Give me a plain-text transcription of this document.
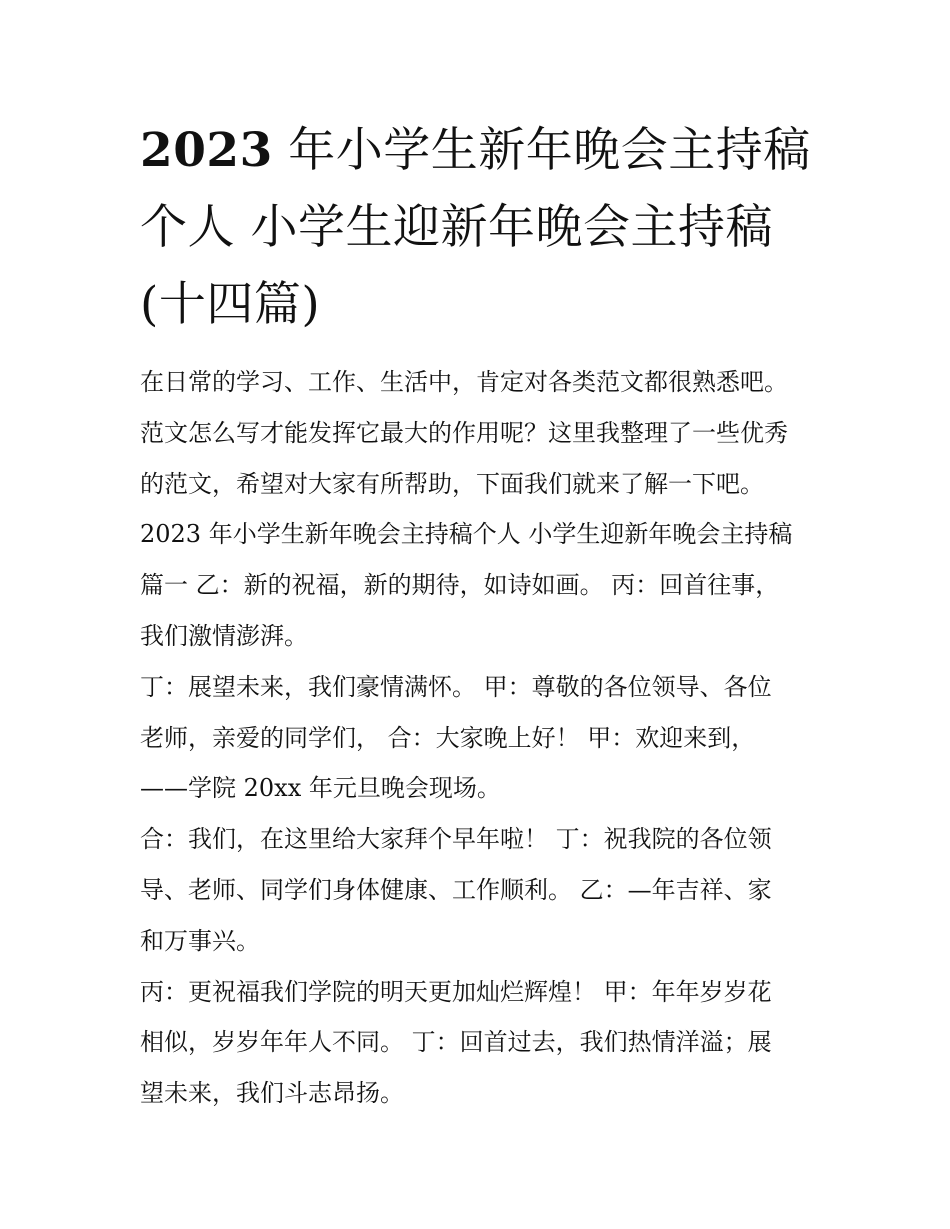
2023 年小学生新年晚会主持稿
个人 小学生迎新年晚会主持稿
(十四篇)
在日常的学习、工作、生活中，肯定对各类范文都很熟悉吧。
范文怎么写才能发挥它最大的作用呢？这里我整理了一些优秀
的范文，希望对大家有所帮助，下面我们就来了解一下吧。
2023 年小学生新年晚会主持稿个人 小学生迎新年晚会主持稿
篇一 乙：新的祝福，新的期待，如诗如画。 丙：回首往事，
我们激情澎湃。
丁：展望未来，我们豪情满怀。 甲：尊敬的各位领导、各位
老师，亲爱的同学们， 合：大家晚上好！ 甲：欢迎来到，
——学院 20xx 年元旦晚会现场。
合：我们，在这里给大家拜个早年啦！ 丁：祝我院的各位领
导、老师、同学们身体健康、工作顺利。 乙：—年吉祥、家
和万事兴。
丙：更祝福我们学院的明天更加灿烂辉煌！ 甲：年年岁岁花
相似，岁岁年年人不同。 丁：回首过去，我们热情洋溢；展
望未来，我们斗志昂扬。
